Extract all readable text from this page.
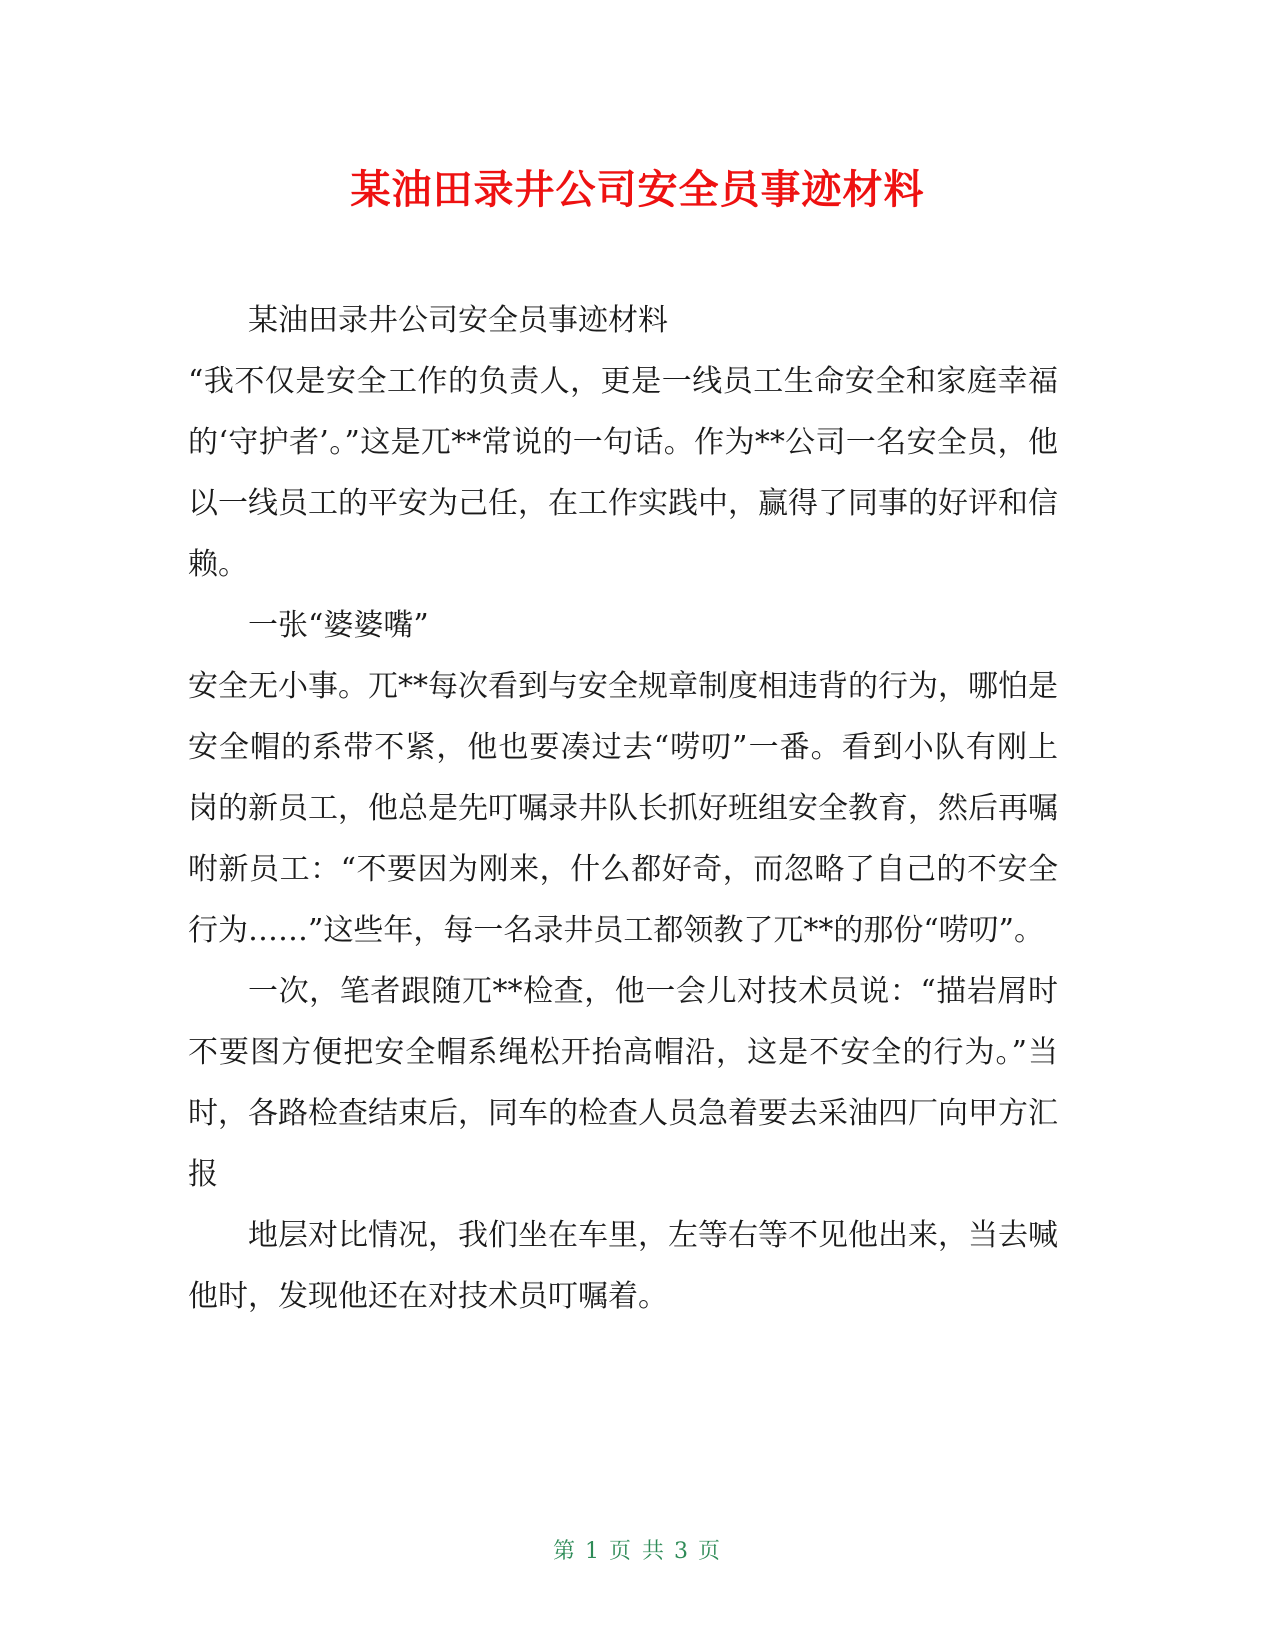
某油田录井公司安全员事迹材料

某油田录井公司安全员事迹材料

“我不仅是安全工作的负责人，更是一线员工生命安全和家庭幸福的‘守护者’。”这是兀**常说的一句话。作为**公司一名安全员，他以一线员工的平安为己任，在工作实践中，赢得了同事的好评和信赖。

一张“婆婆嘴”

安全无小事。兀**每次看到与安全规章制度相违背的行为，哪怕是安全帽的系带不紧，他也要凑过去“唠叨”一番。看到小队有刚上岗的新员工，他总是先叮嘱录井队长抓好班组安全教育，然后再嘱咐新员工：“不要因为刚来，什么都好奇，而忽略了自己的不安全行为……”这些年，每一名录井员工都领教了兀**的那份“唠叨”。

一次，笔者跟随兀**检查，他一会儿对技术员说：“描岩屑时不要图方便把安全帽系绳松开抬高帽沿，这是不安全的行为。”当时，各路检查结束后，同车的检查人员急着要去采油四厂向甲方汇报

地层对比情况，我们坐在车里，左等右等不见他出来，当去喊他时，发现他还在对技术员叮嘱着。

第 1 页 共 3 页
